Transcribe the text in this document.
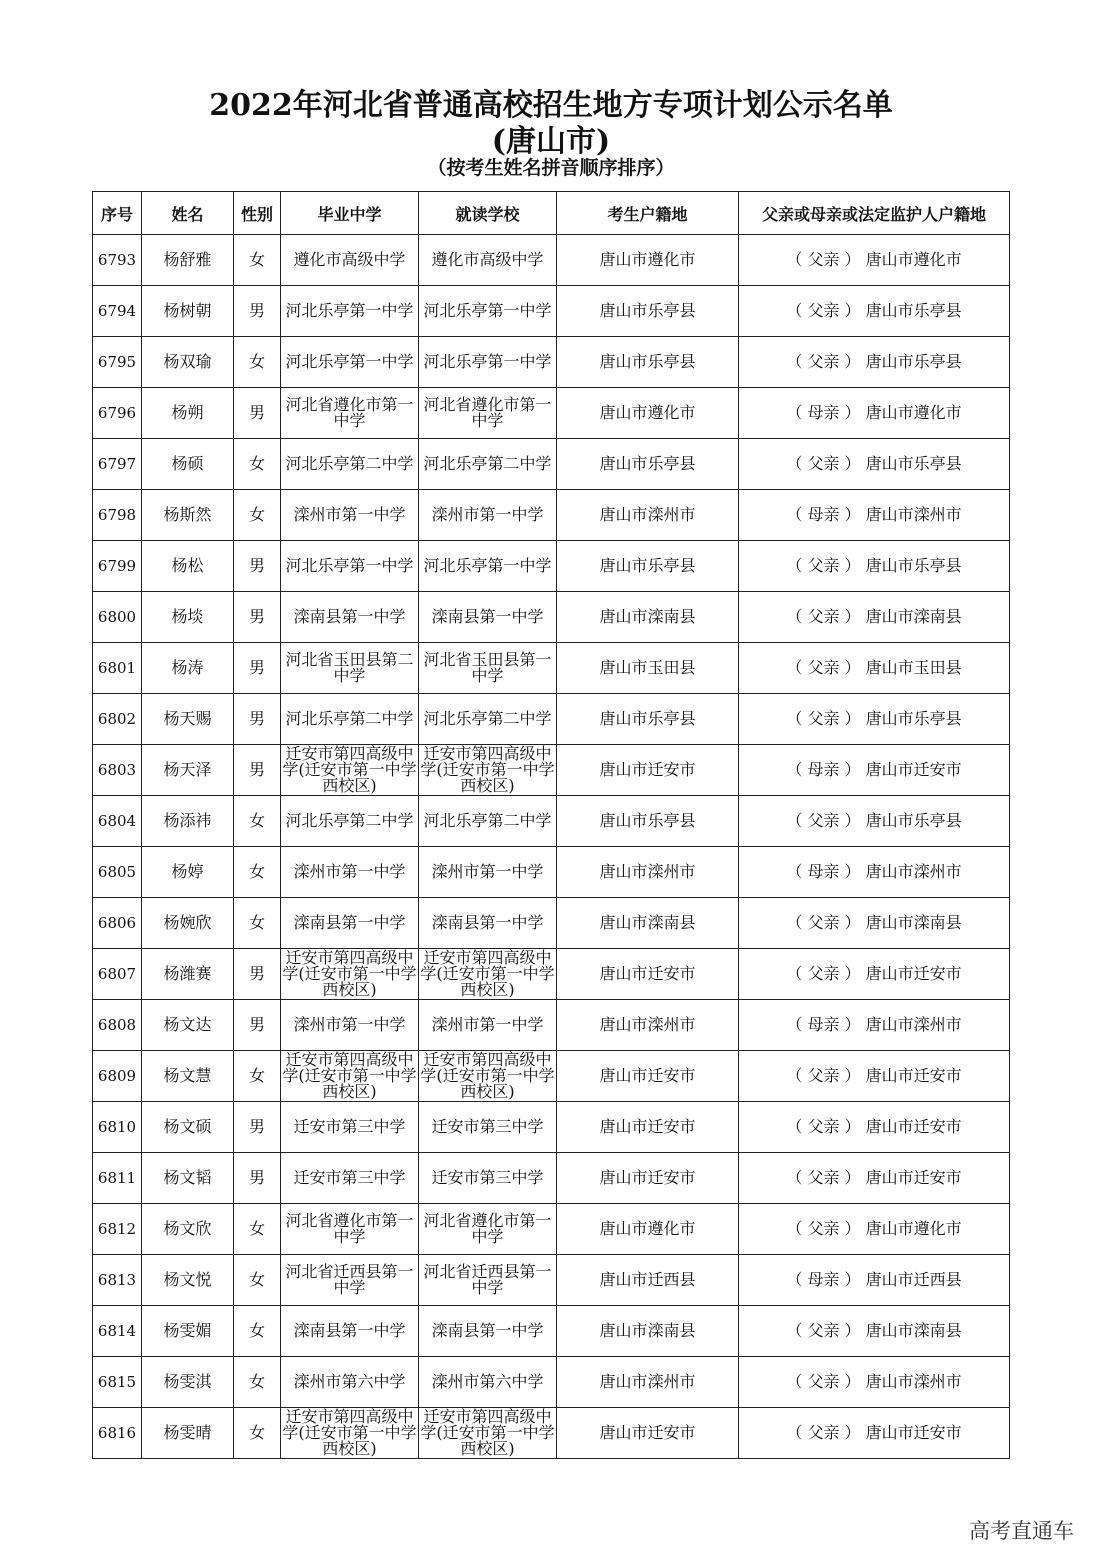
2022年河北省普通高校招生地方专项计划公示名单
(唐山市)
（按考生姓名拼音顺序排序）
序号	姓名	性别	毕业中学	就读学校	考生户籍地	父亲或母亲或法定监护人户籍地
6793	杨舒雅	女	遵化市高级中学	遵化市高级中学	唐山市遵化市	（ 父亲 ） 唐山市遵化市
6794	杨树朝	男	河北乐亭第一中学	河北乐亭第一中学	唐山市乐亭县	（ 父亲 ） 唐山市乐亭县
6795	杨双瑜	女	河北乐亭第一中学	河北乐亭第一中学	唐山市乐亭县	（ 父亲 ） 唐山市乐亭县
6796	杨朔	男	河北省遵化市第一中学	河北省遵化市第一中学	唐山市遵化市	（ 母亲 ） 唐山市遵化市
6797	杨硕	女	河北乐亭第二中学	河北乐亭第二中学	唐山市乐亭县	（ 父亲 ） 唐山市乐亭县
6798	杨斯然	女	滦州市第一中学	滦州市第一中学	唐山市滦州市	（ 母亲 ） 唐山市滦州市
6799	杨松	男	河北乐亭第一中学	河北乐亭第一中学	唐山市乐亭县	（ 父亲 ） 唐山市乐亭县
6800	杨埮	男	滦南县第一中学	滦南县第一中学	唐山市滦南县	（ 父亲 ） 唐山市滦南县
6801	杨涛	男	河北省玉田县第二中学	河北省玉田县第一中学	唐山市玉田县	（ 父亲 ） 唐山市玉田县
6802	杨天赐	男	河北乐亭第二中学	河北乐亭第二中学	唐山市乐亭县	（ 父亲 ） 唐山市乐亭县
6803	杨天泽	男	迁安市第四高级中学(迁安市第一中学西校区)	迁安市第四高级中学(迁安市第一中学西校区)	唐山市迁安市	（ 母亲 ） 唐山市迁安市
6804	杨添祎	女	河北乐亭第二中学	河北乐亭第二中学	唐山市乐亭县	（ 父亲 ） 唐山市乐亭县
6805	杨婷	女	滦州市第一中学	滦州市第一中学	唐山市滦州市	（ 母亲 ） 唐山市滦州市
6806	杨婉欣	女	滦南县第一中学	滦南县第一中学	唐山市滦南县	（ 父亲 ） 唐山市滦南县
6807	杨潍赛	男	迁安市第四高级中学(迁安市第一中学西校区)	迁安市第四高级中学(迁安市第一中学西校区)	唐山市迁安市	（ 父亲 ） 唐山市迁安市
6808	杨文达	男	滦州市第一中学	滦州市第一中学	唐山市滦州市	（ 母亲 ） 唐山市滦州市
6809	杨文慧	女	迁安市第四高级中学(迁安市第一中学西校区)	迁安市第四高级中学(迁安市第一中学西校区)	唐山市迁安市	（ 父亲 ） 唐山市迁安市
6810	杨文硕	男	迁安市第三中学	迁安市第三中学	唐山市迁安市	（ 父亲 ） 唐山市迁安市
6811	杨文韬	男	迁安市第三中学	迁安市第三中学	唐山市迁安市	（ 父亲 ） 唐山市迁安市
6812	杨文欣	女	河北省遵化市第一中学	河北省遵化市第一中学	唐山市遵化市	（ 父亲 ） 唐山市遵化市
6813	杨文悦	女	河北省迁西县第一中学	河北省迁西县第一中学	唐山市迁西县	（ 母亲 ） 唐山市迁西县
6814	杨雯媚	女	滦南县第一中学	滦南县第一中学	唐山市滦南县	（ 父亲 ） 唐山市滦南县
6815	杨雯淇	女	滦州市第六中学	滦州市第六中学	唐山市滦州市	（ 父亲 ） 唐山市滦州市
6816	杨雯晴	女	迁安市第四高级中学(迁安市第一中学西校区)	迁安市第四高级中学(迁安市第一中学西校区)	唐山市迁安市	（ 父亲 ） 唐山市迁安市
高考直通车
